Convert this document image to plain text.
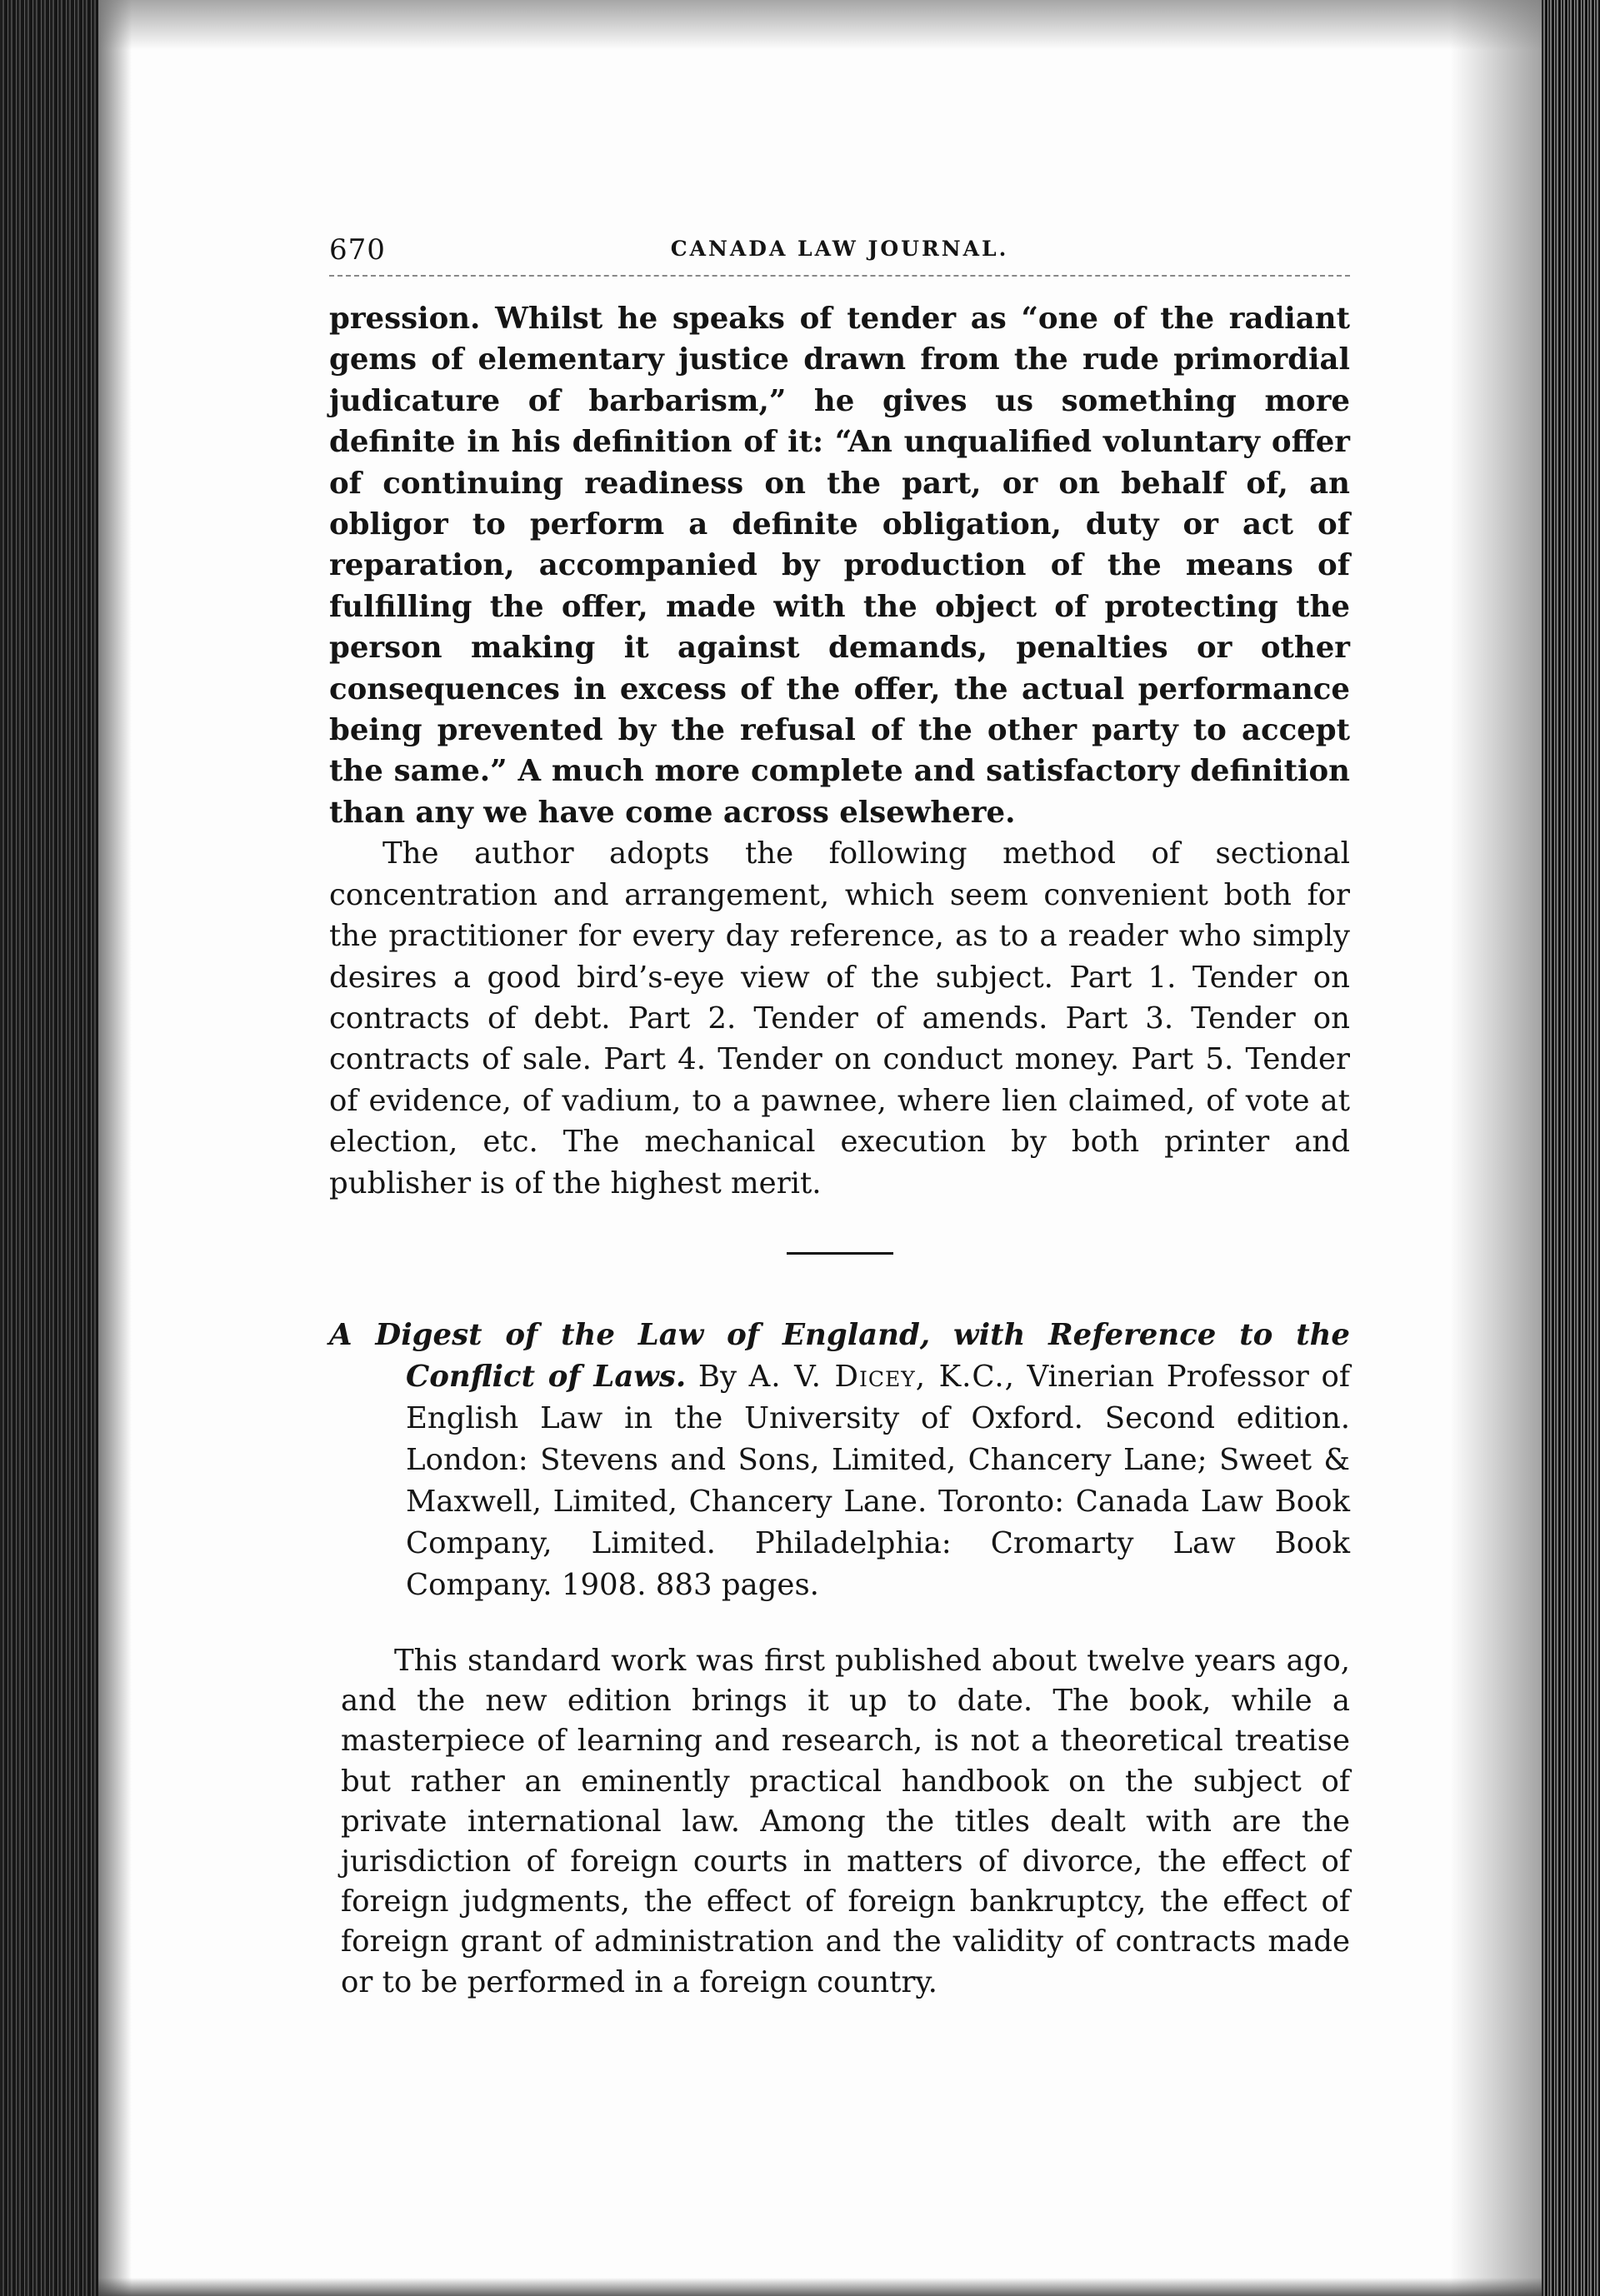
670	CANADA LAW JOURNAL.

pression. Whilst he speaks of tender as “one of the radiant gems of elementary justice drawn from the rude primordial judicature of barbarism,” he gives us something more definite in his definition of it: “An unqualified voluntary offer of continuing readiness on the part, or on behalf of, an obligor to perform a definite obligation, duty or act of reparation, accompanied by production of the means of fulfilling the offer, made with the object of protecting the person making it against demands, penalties or other consequences in excess of the offer, the actual performance being prevented by the refusal of the other party to accept the same.” A much more complete and satisfactory definition than any we have come across elsewhere.

The author adopts the following method of sectional concentration and arrangement, which seem convenient both for the practitioner for every day reference, as to a reader who simply desires a good bird’s-eye view of the subject. Part 1. Tender on contracts of debt. Part 2. Tender of amends. Part 3. Tender on contracts of sale. Part 4. Tender on conduct money. Part 5. Tender of evidence, of vadium, to a pawnee, where lien claimed, of vote at election, etc. The mechanical execution by both printer and publisher is of the highest merit.

A Digest of the Law of England, with Reference to the Conflict of Laws. By A. V. Dicey, K.C., Vinerian Professor of English Law in the University of Oxford. Second edition. London: Stevens and Sons, Limited, Chancery Lane; Sweet & Maxwell, Limited, Chancery Lane. Toronto: Canada Law Book Company, Limited. Philadelphia: Cromarty Law Book Company. 1908. 883 pages.

This standard work was first published about twelve years ago, and the new edition brings it up to date. The book, while a masterpiece of learning and research, is not a theoretical treatise but rather an eminently practical handbook on the subject of private international law. Among the titles dealt with are the jurisdiction of foreign courts in matters of divorce, the effect of foreign judgments, the effect of foreign bankruptcy, the effect of foreign grant of administration and the validity of contracts made or to be performed in a foreign country.
